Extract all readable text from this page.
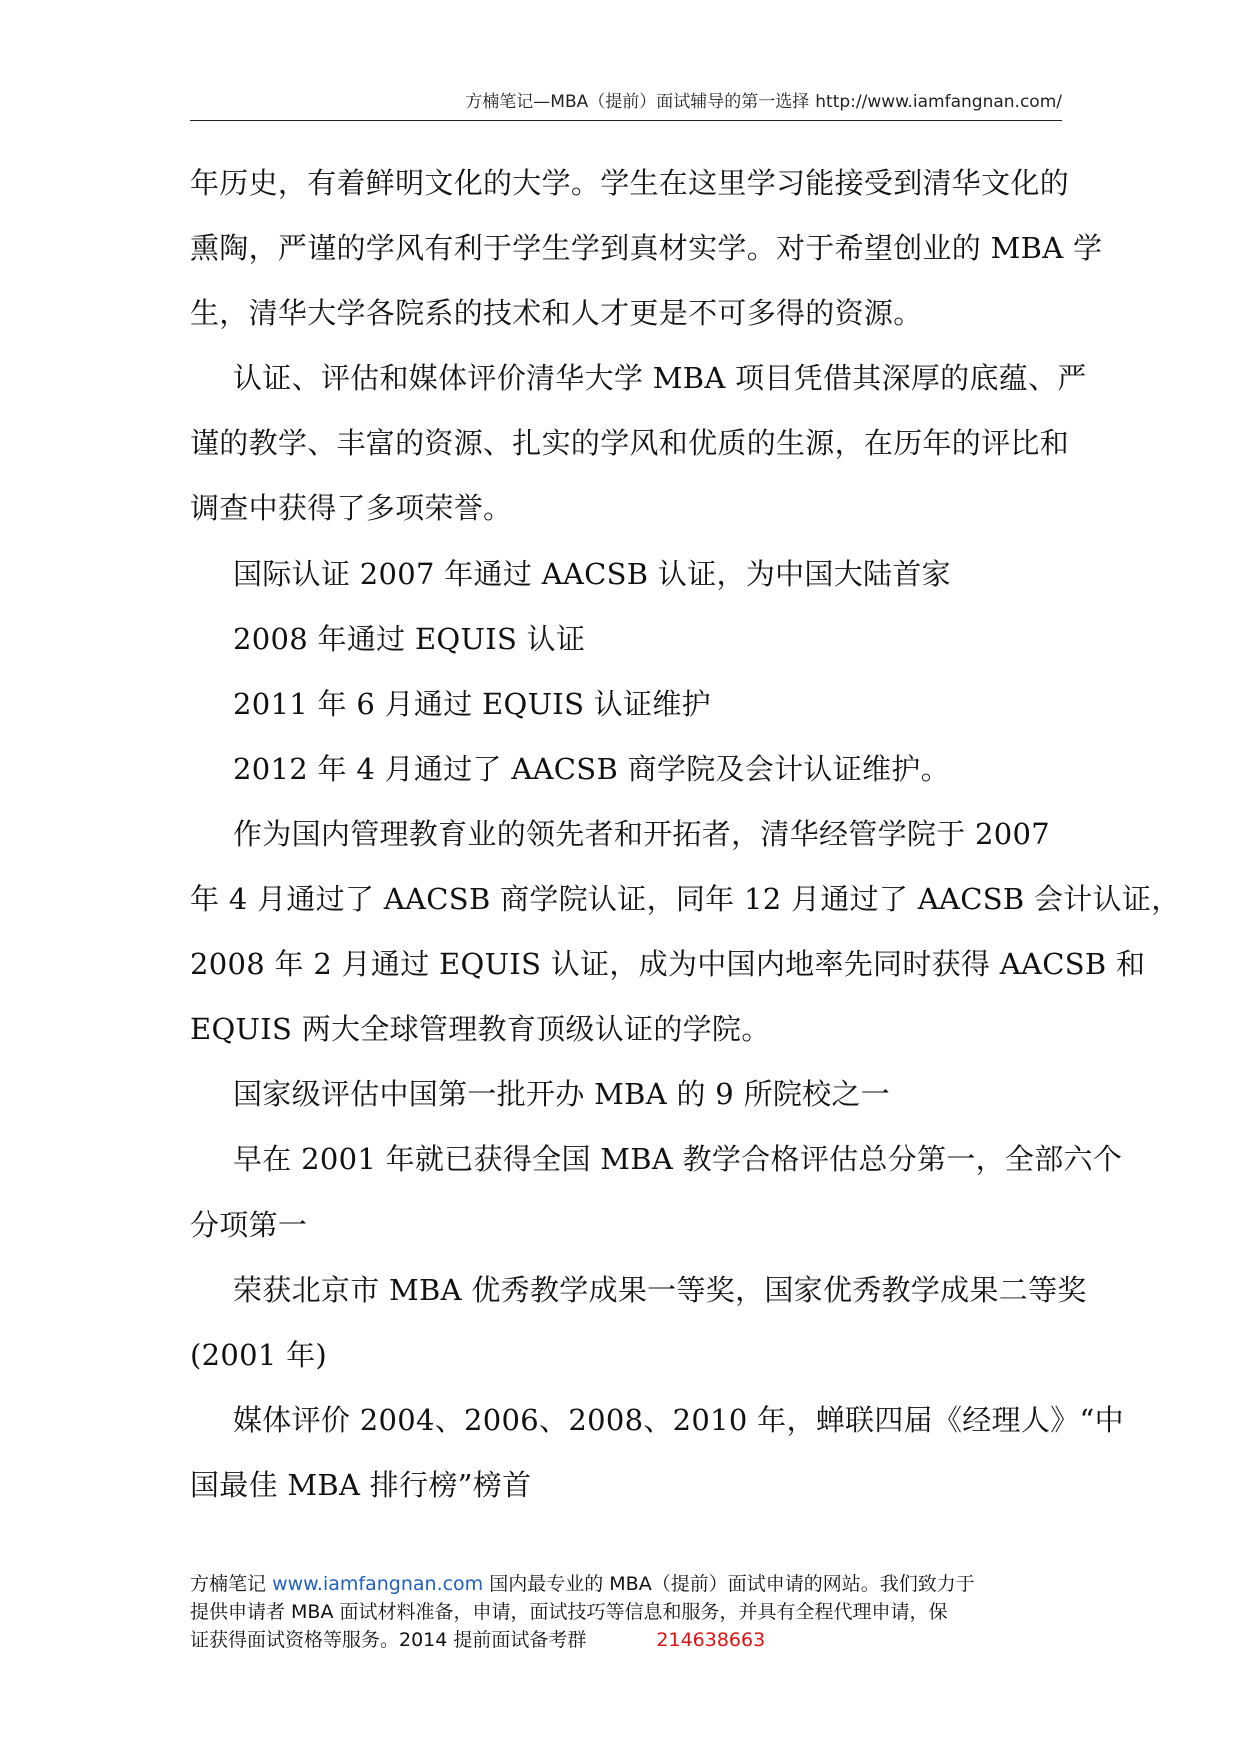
方楠笔记—MBA（提前）面试辅导的第一选择 http://www.iamfangnan.com/
年历史，有着鲜明文化的大学。学生在这里学习能接受到清华文化的
熏陶，严谨的学风有利于学生学到真材实学。对于希望创业的 MBA 学
生，清华大学各院系的技术和人才更是不可多得的资源。
认证、评估和媒体评价清华大学 MBA 项目凭借其深厚的底蕴、严
谨的教学、丰富的资源、扎实的学风和优质的生源，在历年的评比和
调查中获得了多项荣誉。
国际认证 2007 年通过 AACSB 认证，为中国大陆首家
2008 年通过 EQUIS 认证
2011 年 6 月通过 EQUIS 认证维护
2012 年 4 月通过了 AACSB 商学院及会计认证维护。
作为国内管理教育业的领先者和开拓者，清华经管学院于 2007
年 4 月通过了 AACSB 商学院认证，同年 12 月通过了 AACSB 会计认证，
2008 年 2 月通过 EQUIS 认证，成为中国内地率先同时获得 AACSB 和
EQUIS 两大全球管理教育顶级认证的学院。
国家级评估中国第一批开办 MBA 的 9 所院校之一
早在 2001 年就已获得全国 MBA 教学合格评估总分第一，全部六个
分项第一
荣获北京市 MBA 优秀教学成果一等奖，国家优秀教学成果二等奖
(2001 年)
媒体评价 2004、2006、2008、2010 年，蝉联四届《经理人》“中
国最佳 MBA 排行榜”榜首
方楠笔记 www.iamfangnan.com 国内最专业的 MBA（提前）面试申请的网站。我们致力于
提供申请者 MBA 面试材料准备，申请，面试技巧等信息和服务，并具有全程代理申请，保
证获得面试资格等服务。2014 提前面试备考群	214638663
